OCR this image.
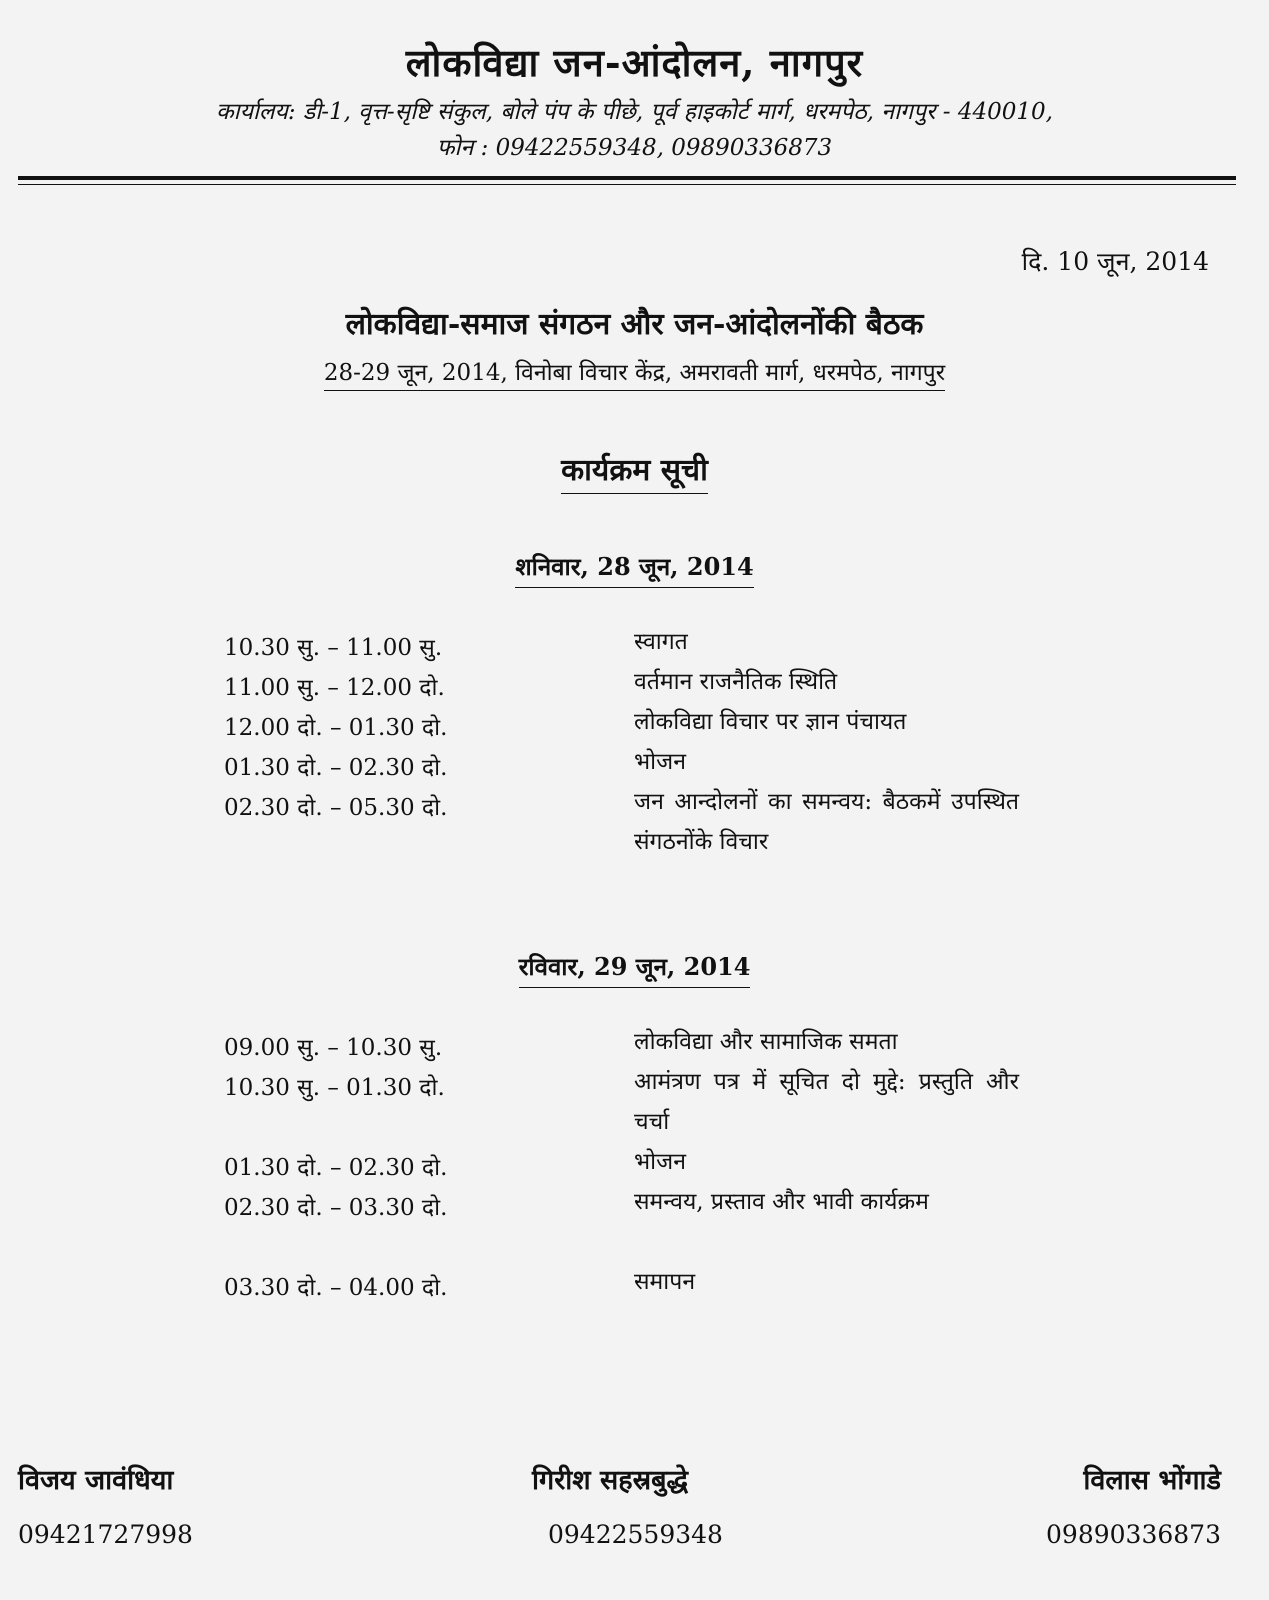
लोकविद्या जन-आंदोलन, नागपुर
कार्यालय: डी-1, वृत्त-सृष्टि संकुल, बोले पंप के पीछे, पूर्व हाइकोर्ट मार्ग, धरमपेठ, नागपुर - 440010,
फोन : 09422559348, 09890336873
दि. 10 जून, 2014
लोकविद्या-समाज संगठन और जन-आंदोलनोंकी बैठक
28-29 जून, 2014, विनोबा विचार केंद्र, अमरावती मार्ग, धरमपेठ, नागपुर
कार्यक्रम सूची
शनिवार, 28 जून, 2014
10.30 सु. – 11.00 सु.	स्वागत
11.00 सु. – 12.00 दो.	वर्तमान राजनैतिक स्थिति
12.00 दो. – 01.30 दो.	लोकविद्या विचार पर ज्ञान पंचायत
01.30 दो. – 02.30 दो.	भोजन
02.30 दो. – 05.30 दो.	जन आन्दोलनों का समन्वय: बैठकमें उपस्थित संगठनोंके विचार
रविवार, 29 जून, 2014
09.00 सु. – 10.30 सु.	लोकविद्या और सामाजिक समता
10.30 सु. – 01.30 दो.	आमंत्रण पत्र में सूचित दो मुद्दे: प्रस्तुति और चर्चा
01.30 दो. – 02.30 दो.	भोजन
02.30 दो. – 03.30 दो.	समन्वय, प्रस्ताव और भावी कार्यक्रम
03.30 दो. – 04.00 दो.	समापन
विजय जावंधिया
09421727998
गिरीश सहस्रबुद्धे
09422559348
विलास भोंगाडे
09890336873
